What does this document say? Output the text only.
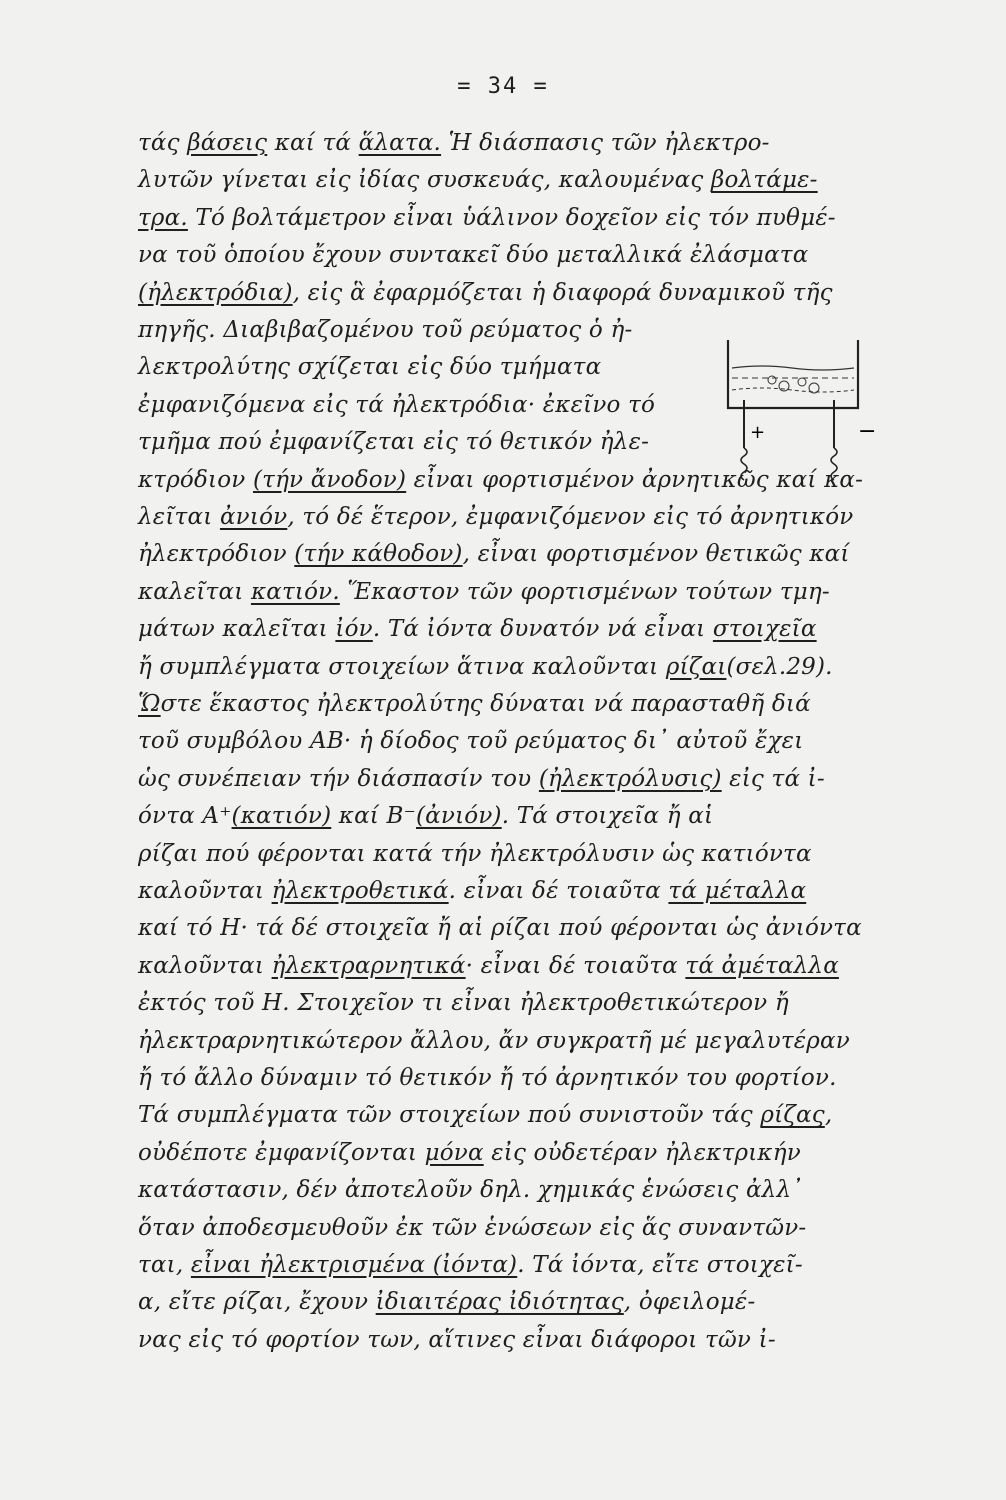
= 34 =
τάς βάσεις καί τά ἅλατα. Ἡ διάσπασις τῶν ἠλεκτρο-
λυτῶν γίνεται εἰς ἰδίας συσκευάς, καλουμένας βολτάμε-
τρα. Τό βολτάμετρον εἶναι ὑάλινον δοχεῖον εἰς τόν πυθμέ-
να τοῦ ὁποίου ἔχουν συντακεῖ δύο μεταλλικά ἐλάσματα
(ἠλεκτρόδια), εἰς ἃ ἐφαρμόζεται ἡ διαφορά δυναμικοῦ τῆς
πηγῆς. Διαβιβαζομένου τοῦ ρεύματος ὁ ἠ-
λεκτρολύτης σχίζεται εἰς δύο τμήματα
ἐμφανιζόμενα εἰς τά ἠλεκτρόδια· ἐκεῖνο τό
τμῆμα πού ἐμφανίζεται εἰς τό θετικόν ἠλε-
κτρόδιον (τήν ἄνοδον) εἶναι φορτισμένον ἀρνητικῶς καί κα-
λεῖται ἀνιόν, τό δέ ἕτερον, ἐμφανιζόμενον εἰς τό ἀρνητικόν
ἠλεκτρόδιον (τήν κάθοδον), εἶναι φορτισμένον θετικῶς καί
καλεῖται κατιόν. Ἕκαστον τῶν φορτισμένων τούτων τμη-
μάτων καλεῖται ἰόν. Τά ἰόντα δυνατόν νά εἶναι στοιχεῖα
ἤ συμπλέγματα στοιχείων ἅτινα καλοῦνται ρίζαι(σελ.29).
Ὥστε ἕκαστος ἠλεκτρολύτης δύναται νά παρασταθῆ διά
τοῦ συμβόλου ΑΒ· ἡ δίοδος τοῦ ρεύματος δι᾽ αὐτοῦ ἔχει
ὡς συνέπειαν τήν διάσπασίν του (ἠλεκτρόλυσις) εἰς τά ἰ-
όντα Α⁺(κατιόν) καί Β⁻(ἀνιόν). Τά στοιχεῖα ἤ αἱ
ρίζαι πού φέρονται κατά τήν ἠλεκτρόλυσιν ὡς κατιόντα
καλοῦνται ἠλεκτροθετικά. εἶναι δέ τοιαῦτα τά μέταλλα
καί τό Η· τά δέ στοιχεῖα ἤ αἱ ρίζαι πού φέρονται ὡς ἀνιόντα
καλοῦνται ἠλεκτραρνητικά· εἶναι δέ τοιαῦτα τά ἀμέταλλα
ἐκτός τοῦ Η. Στοιχεῖον τι εἶναι ἠλεκτροθετικώτερον ἤ
ἠλεκτραρνητικώτερον ἄλλου, ἄν συγκρατῆ μέ μεγαλυτέραν
ἤ τό ἄλλο δύναμιν τό θετικόν ἤ τό ἀρνητικόν του φορτίον.
Τά συμπλέγματα τῶν στοιχείων πού συνιστοῦν τάς ρίζας,
οὐδέποτε ἐμφανίζονται μόνα εἰς οὐδετέραν ἠλεκτρικήν
κατάστασιν, δέν ἀποτελοῦν δηλ. χημικάς ἑνώσεις ἀλλ᾽
ὅταν ἀποδεσμευθοῦν ἐκ τῶν ἑνώσεων εἰς ἅς συναντῶν-
ται, εἶναι ἠλεκτρισμένα (ἰόντα). Τά ἰόντα, εἴτε στοιχεῖ-
α, εἴτε ρίζαι, ἔχουν ἰδιαιτέρας ἰδιότητας, ὀφειλομέ-
νας εἰς τό φορτίον των, αἵτινες εἶναι διάφοροι τῶν ἰ-
+	−
